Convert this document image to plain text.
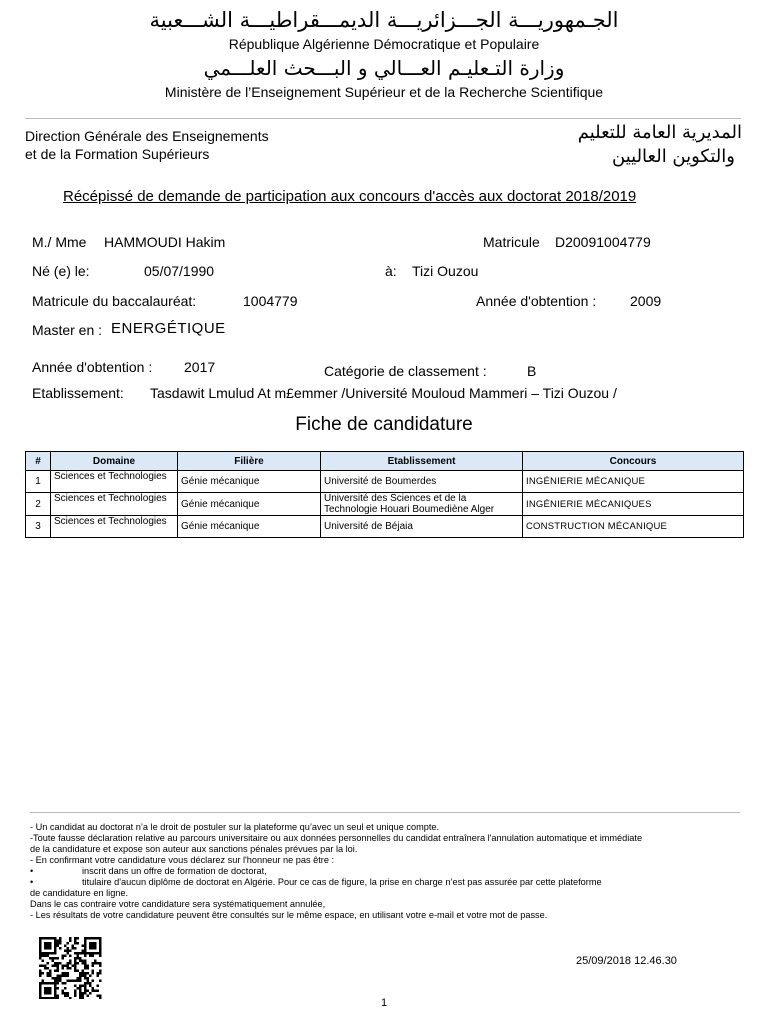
الجـمهوريـــة الجـــزائريـــة الديمـــقراطيـــة الشـــعبية
République Algérienne Démocratique et Populaire
وزارة التـعليـم العـــالي و البـــحث العلـــمي
Ministère de l’Enseignement Supérieur et de la Recherche Scientifique
Direction Générale des Enseignements
et de la Formation Supérieurs
المديرية العامة للتعليم
والتكوين العاليين
Récépissé de demande de participation aux concours d'accès aux doctorat 2018/2019
M./ Mme HAMMOUDI Hakim	Matricule D20091004779
Né (e) le:	05/07/1990	à: Tizi Ouzou
Matricule du baccalauréat:	1004779	Année d'obtention : 2009
Master en : ENERGÉTIQUE
Année d'obtention : 2017	Catégorie de classement :	B
Etablissement: Tasdawit Lmulud At m£emmer /Université Mouloud Mammeri – Tizi Ouzou /
Fiche de candidature
#	Domaine	Filière	Etablissement	Concours
1	Sciences et Technologies	Génie mécanique	Université de Boumerdes	INGÉNIERIE MÉCANIQUE
2	Sciences et Technologies	Génie mécanique	Université des Sciences et de la
Technologie Houari Boumediène Alger	INGÉNIERIE MÉCANIQUES
3	Sciences et Technologies	Génie mécanique	Université de Béjaia	CONSTRUCTION MÉCANIQUE
- Un candidat au doctorat n’a le droit de postuler sur la plateforme qu’avec un seul et unique compte.
-Toute fausse déclaration relative au parcours universitaire ou aux données personnelles du candidat entraînera l'annulation automatique et immédiate
de la candidature et expose son auteur aux sanctions pénales prévues par la loi.
- En confirmant votre candidature vous déclarez sur l'honneur ne pas être :
•	inscrit dans un offre de formation de doctorat,
•	titulaire d'aucun diplôme de doctorat en Algérie. Pour ce cas de figure, la prise en charge n’est pas assurée par cette plateforme
de candidature en ligne.
Dans le cas contraire votre candidature sera systématiquement annulée,
- Les résultats de votre candidature peuvent être consultés sur le même espace, en utilisant votre e-mail et votre mot de passe.
25/09/2018 12.46.30
1
